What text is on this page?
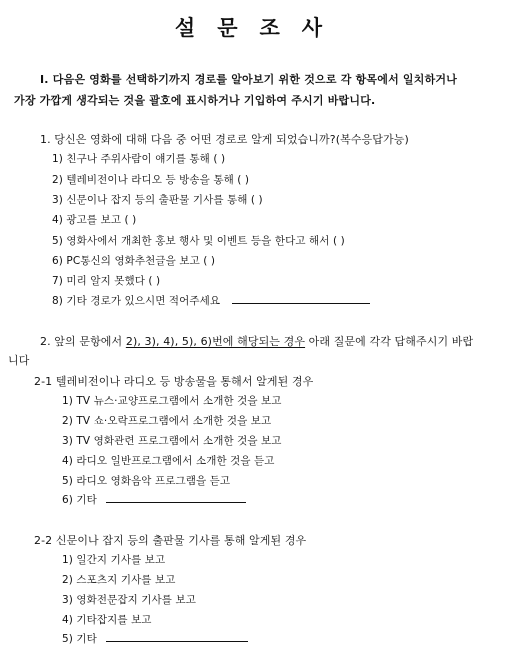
설문조사
I. 다음은 영화를 선택하기까지 경로를 알아보기 위한 것으로 각 항목에서 일치하거나
가장 가깝게 생각되는 것을 괄호에 표시하거나 기입하여 주시기 바랍니다.
1. 당신은 영화에 대해 다음 중 어떤 경로로 알게 되었습니까?(복수응답가능)
1) 친구나 주위사람이 얘기를 통해 ( )
2) 텔레비전이나 라디오 등 방송을 통해 ( )
3) 신문이나 잡지 등의 출판물 기사를 통해 ( )
4) 광고를 보고 ( )
5) 영화사에서 개최한 홍보 행사 및 이벤트 등을 한다고 해서 ( )
6) PC통신의 영화추천글을 보고 ( )
7) 미리 알지 못했다 ( )
8) 기타 경로가 있으시면 적어주세요
2. 앞의 문항에서 2), 3), 4), 5), 6)번에 해당되는 경우 아래 질문에 각각 답해주시기 바랍
니다
2-1 텔레비전이나 라디오 등 방송물을 통해서 알게된 경우
1) TV 뉴스·교양프로그램에서 소개한 것을 보고
2) TV 쇼·오락프로그램에서 소개한 것을 보고
3) TV 영화관련 프로그램에서 소개한 것을 보고
4) 라디오 일반프로그램에서 소개한 것을 듣고
5) 라디오 영화음악 프로그램을 듣고
6) 기타
2-2 신문이나 잡지 등의 출판물 기사를 통해 알게된 경우
1) 일간지 기사를 보고
2) 스포츠지 기사를 보고
3) 영화전문잡지 기사를 보고
4) 기타잡지를 보고
5) 기타
